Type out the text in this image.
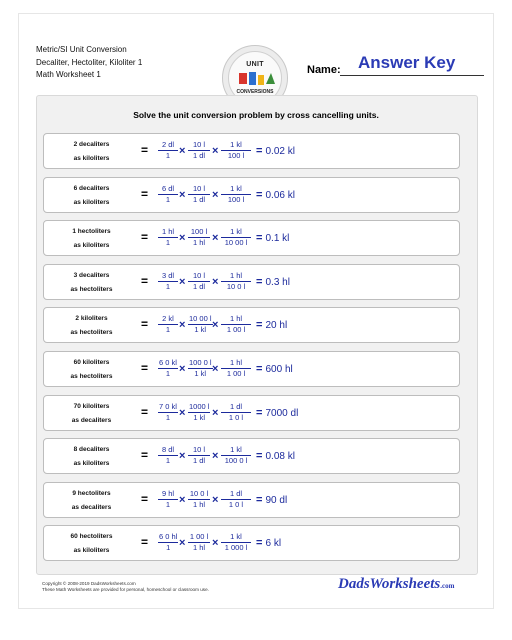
Metric/SI Unit Conversion
Decaliter, Hectoliter, Kiloliter 1
Math Worksheet 1
UNIT
CONVERSIONS
Name: Answer Key
Solve the unit conversion problem by cross cancelling units.
2 decaliters
as kiloliters
= $\frac{2 dl}{1} \times \frac{10 l}{1 dl} \times \frac{1 kl}{100 l} = 0.02$ kl
6 decaliters
as kiloliters
= $\frac{6 dl}{1} \times \frac{10 l}{1 dl} \times \frac{1 kl}{100 l} = 0.06$ kl
1 hectoliters
as kiloliters
= $\frac{1 hl}{1} \times \frac{100 l}{1 hl} \times \frac{1 kl}{10 00 l} = 0.1$ kl
3 decaliters
as hectoliters
= $\frac{3 dl}{1} \times \frac{10 l}{1 dl} \times \frac{1 hl}{10 0 l} = 0.3$ hl
2 kiloliters
as hectoliters
= $\frac{2 kl}{1} \times \frac{10 00 l}{1 kl} \times \frac{1 hl}{1 00 l} = 20$ hl
60 kiloliters
as hectoliters
= $\frac{6 0 kl}{1} \times \frac{100 0 l}{1 kl} \times \frac{1 hl}{1 00 l} = 600$ hl
70 kiloliters
as decaliters
= $\frac{7 0 kl}{1} \times \frac{1000 l}{1 kl} \times \frac{1 dl}{1 0 l} = 7000$ dl
8 decaliters
as kiloliters
= $\frac{8 dl}{1} \times \frac{10 l}{1 dl} \times \frac{1 kl}{100 0 l} = 0.08$ kl
9 hectoliters
as decaliters
= $\frac{9 hl}{1} \times \frac{10 0 l}{1 hl} \times \frac{1 dl}{1 0 l} = 90$ dl
60 hectoliters
as kiloliters
= $\frac{6 0 hl}{1} \times \frac{1 00 l}{1 hl} \times \frac{1 kl}{1 000 l} = 6$ kl
Copyright © 2008-2019 DadsWorksheets.com
These Math Worksheets are provided for personal, homeschool or classroom use.	DadsWorksheets.com
